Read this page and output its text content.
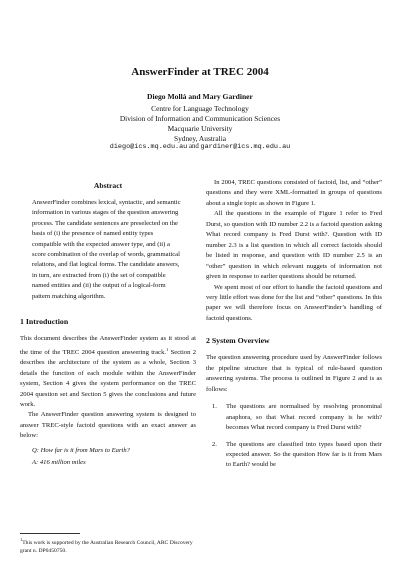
AnswerFinder at TREC 2004
Diego Mollá and Mary Gardiner
Centre for Language Technology
Division of Information and Communication Sciences
Macquarie University
Sydney, Australia
diego@ics.mq.edu.au and gardiner@ics.mq.edu.au
Abstract
AnswerFinder combines lexical, syntactic, and semantic information in various stages of the question answering process. The candidate sentences are preselected on the basis of (i) the presence of named entity types compatible with the expected answer type, and (ii) a score combination of the overlap of words, grammatical relations, and flat logical forms. The candidate answers, in turn, are extracted from (i) the set of compatible named entities and (ii) the output of a logical-form pattern matching algorithm.
1 Introduction

This document describes the AnswerFinder system as it stood at the time of the TREC 2004 question answering track.$^1$ Section 2 describes the architecture of the system as a whole, Section 3 details the function of each module within the AnswerFinder system, Section 4 gives the system performance on the TREC 2004 question set and Section 5 gives the conclusions and future work.

The AnswerFinder question answering system is designed to answer TREC-style factoid questions with an exact answer as below:

Q: How far is it from Mars to Earth?

A: 416 million miles

$^1$This work is supported by the Australian Research Council, ARC Discovery grant n. DP0450750.

In 2004, TREC questions consisted of factoid, list, and “other” questions and they were XML-formatted in groups of questions about a single topic as shown in Figure 1.

All the questions in the example of Figure 1 refer to Fred Durst, so question with ID number 2.2 is a factoid question asking What record company is Fred Durst with?. Question with ID number 2.3 is a list question in which all correct factoids should be listed in response, and question with ID number 2.5 is an “other” question in which relevant nuggets of information not given in response to earlier questions should be returned.

We spent most of our effort to handle the factoid questions and very little effort was done for the list and “other” questions. In this paper we will therefore focus on AnswerFinder’s handling of factoid questions.

2 System Overview

The question answering procedure used by AnswerFinder follows the pipeline structure that is typical of rule-based question answering systems. The process is outlined in Figure 2 and is as follows:

1.	The questions are normalised by resolving pronominal anaphora, so that What record company is he with? becomes What record company is Fred Durst with?
2.	The questions are classified into types based upon their expected answer. So the question How far is it from Mars to Earth? would be
